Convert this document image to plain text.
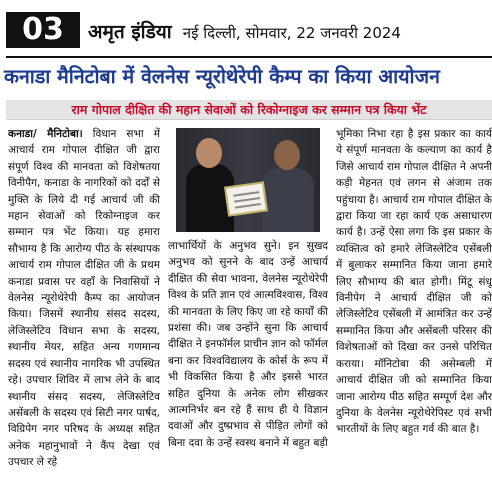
03	अमृत इंडिया नई दिल्ली, सोमवार, 22 जनवरी 2024
कनाडा मैनिटोबा में वेलनेस न्यूरोथेरेपी कैम्प का किया आयोजन
राम गोपाल दीक्षित की महान सेवाओं को रिकोग्नाइज कर सम्मान पत्र किया भेंट
कनाडा/ मैनिटोबा। विधान सभा में आचार्य राम गोपाल दीक्षित जी द्वारा संपूर्ण विश्व की मानवता को विशेषतया विनीपैग, कनाडा के नागरिकों को दर्दों से मुक्ति के लिये दी गई आचार्य जी की महान सेवाओं को रिकोग्नाइज कर सम्मान पत्र भेंट किया। यह हमारा सौभाग्य है कि आरोग्य पीठ के संस्थापक आचार्य राम गोपाल दीक्षित जी के प्रथम कनाडा प्रवास पर वहाँ के निवासियों ने वेलनेस न्यूरोथेरेपी कैम्प का आयोजन किया। जिसमें स्थानीय संसद सदस्य, लेजिस्लेटिव विधान सभा के सदस्य, स्थानीय मेयर, सहित अन्य गणमान्य सदस्य एवं स्थानीय नागरिक भी उपस्थित रहे। उपचार शिविर में लाभ लेने के बाद स्थानीय संसद सदस्य, लेजिस्लेटिव असेंबली के सदस्य एवं सिटी नगर पार्षद, विग्रिपेग नगर परिषद के अध्यक्ष सहित अनेक महानुभावों ने कैंप देखा एवं उपचार ले रहे
लाभार्थियों के अनुभव सुने। इन सुखद अनुभव को सुनने के बाद उन्हें आचार्य दीक्षित की सेवा भावना, वेलनेस न्यूरोथेरेपी विश्व के प्रति ज्ञान एवं आत्मविश्वास, विश्व की मानवता के लिए किए जा रहे कार्यों की प्रशंसा की। जब उन्होंने सुना कि आचार्य दीक्षित ने इनफॉर्मल प्राचीन ज्ञान को फॉर्मल बना कर विश्वविद्यालय के कोर्स के रूप में भी विकसित किया है और इससे भारत सहित दुनिया के अनेक लोग सीखकर आत्मनिर्भर बन रहे हैं साथ ही ये विज्ञान दवाओं और दुष्प्रभाव से पीड़ित लोगों को बिना दवा के उन्हें स्वस्थ बनाने में बहुत बड़ी
भूमिका निभा रहा है इस प्रकार का कार्य ये संपूर्ण मानवता के कल्याण का कार्य है जिसे आचार्य राम गोपाल दीक्षित ने अपनी कड़ी मेहनत एवं लगन से अंजाम तक पहुंचाया है। आचार्य राम गोपाल दीक्षित के द्वारा किया जा रहा कार्य एक असाधारण कार्य है। उन्हें ऐसा लगा कि इस प्रकार के व्यक्तित्व को हमारे लेजिस्लेटिव एसेंबली में बुलाकर सम्मानित किया जाना हमारे लिए सौभाग्य की बात होगी। मिंटू संधू विनीपेग ने आचार्य दीक्षित जी को लेजिस्लेटिव एसेंबली में आमंत्रित कर उन्हें सम्मानित किया और असेंबली परिसर की विशेषताओं को दिखा कर उनसे परिचित कराया। मॉनिटोबा की असेम्बली में आचार्य दीक्षित जी को सम्मानित किया जाना आरोग्य पीठ सहित सम्पूर्ण देश और दुनिया के वेलनेस न्यूरोथेरेपिस्ट एवं सभी भारतीयों के लिए बहुत गर्व की बात है।
